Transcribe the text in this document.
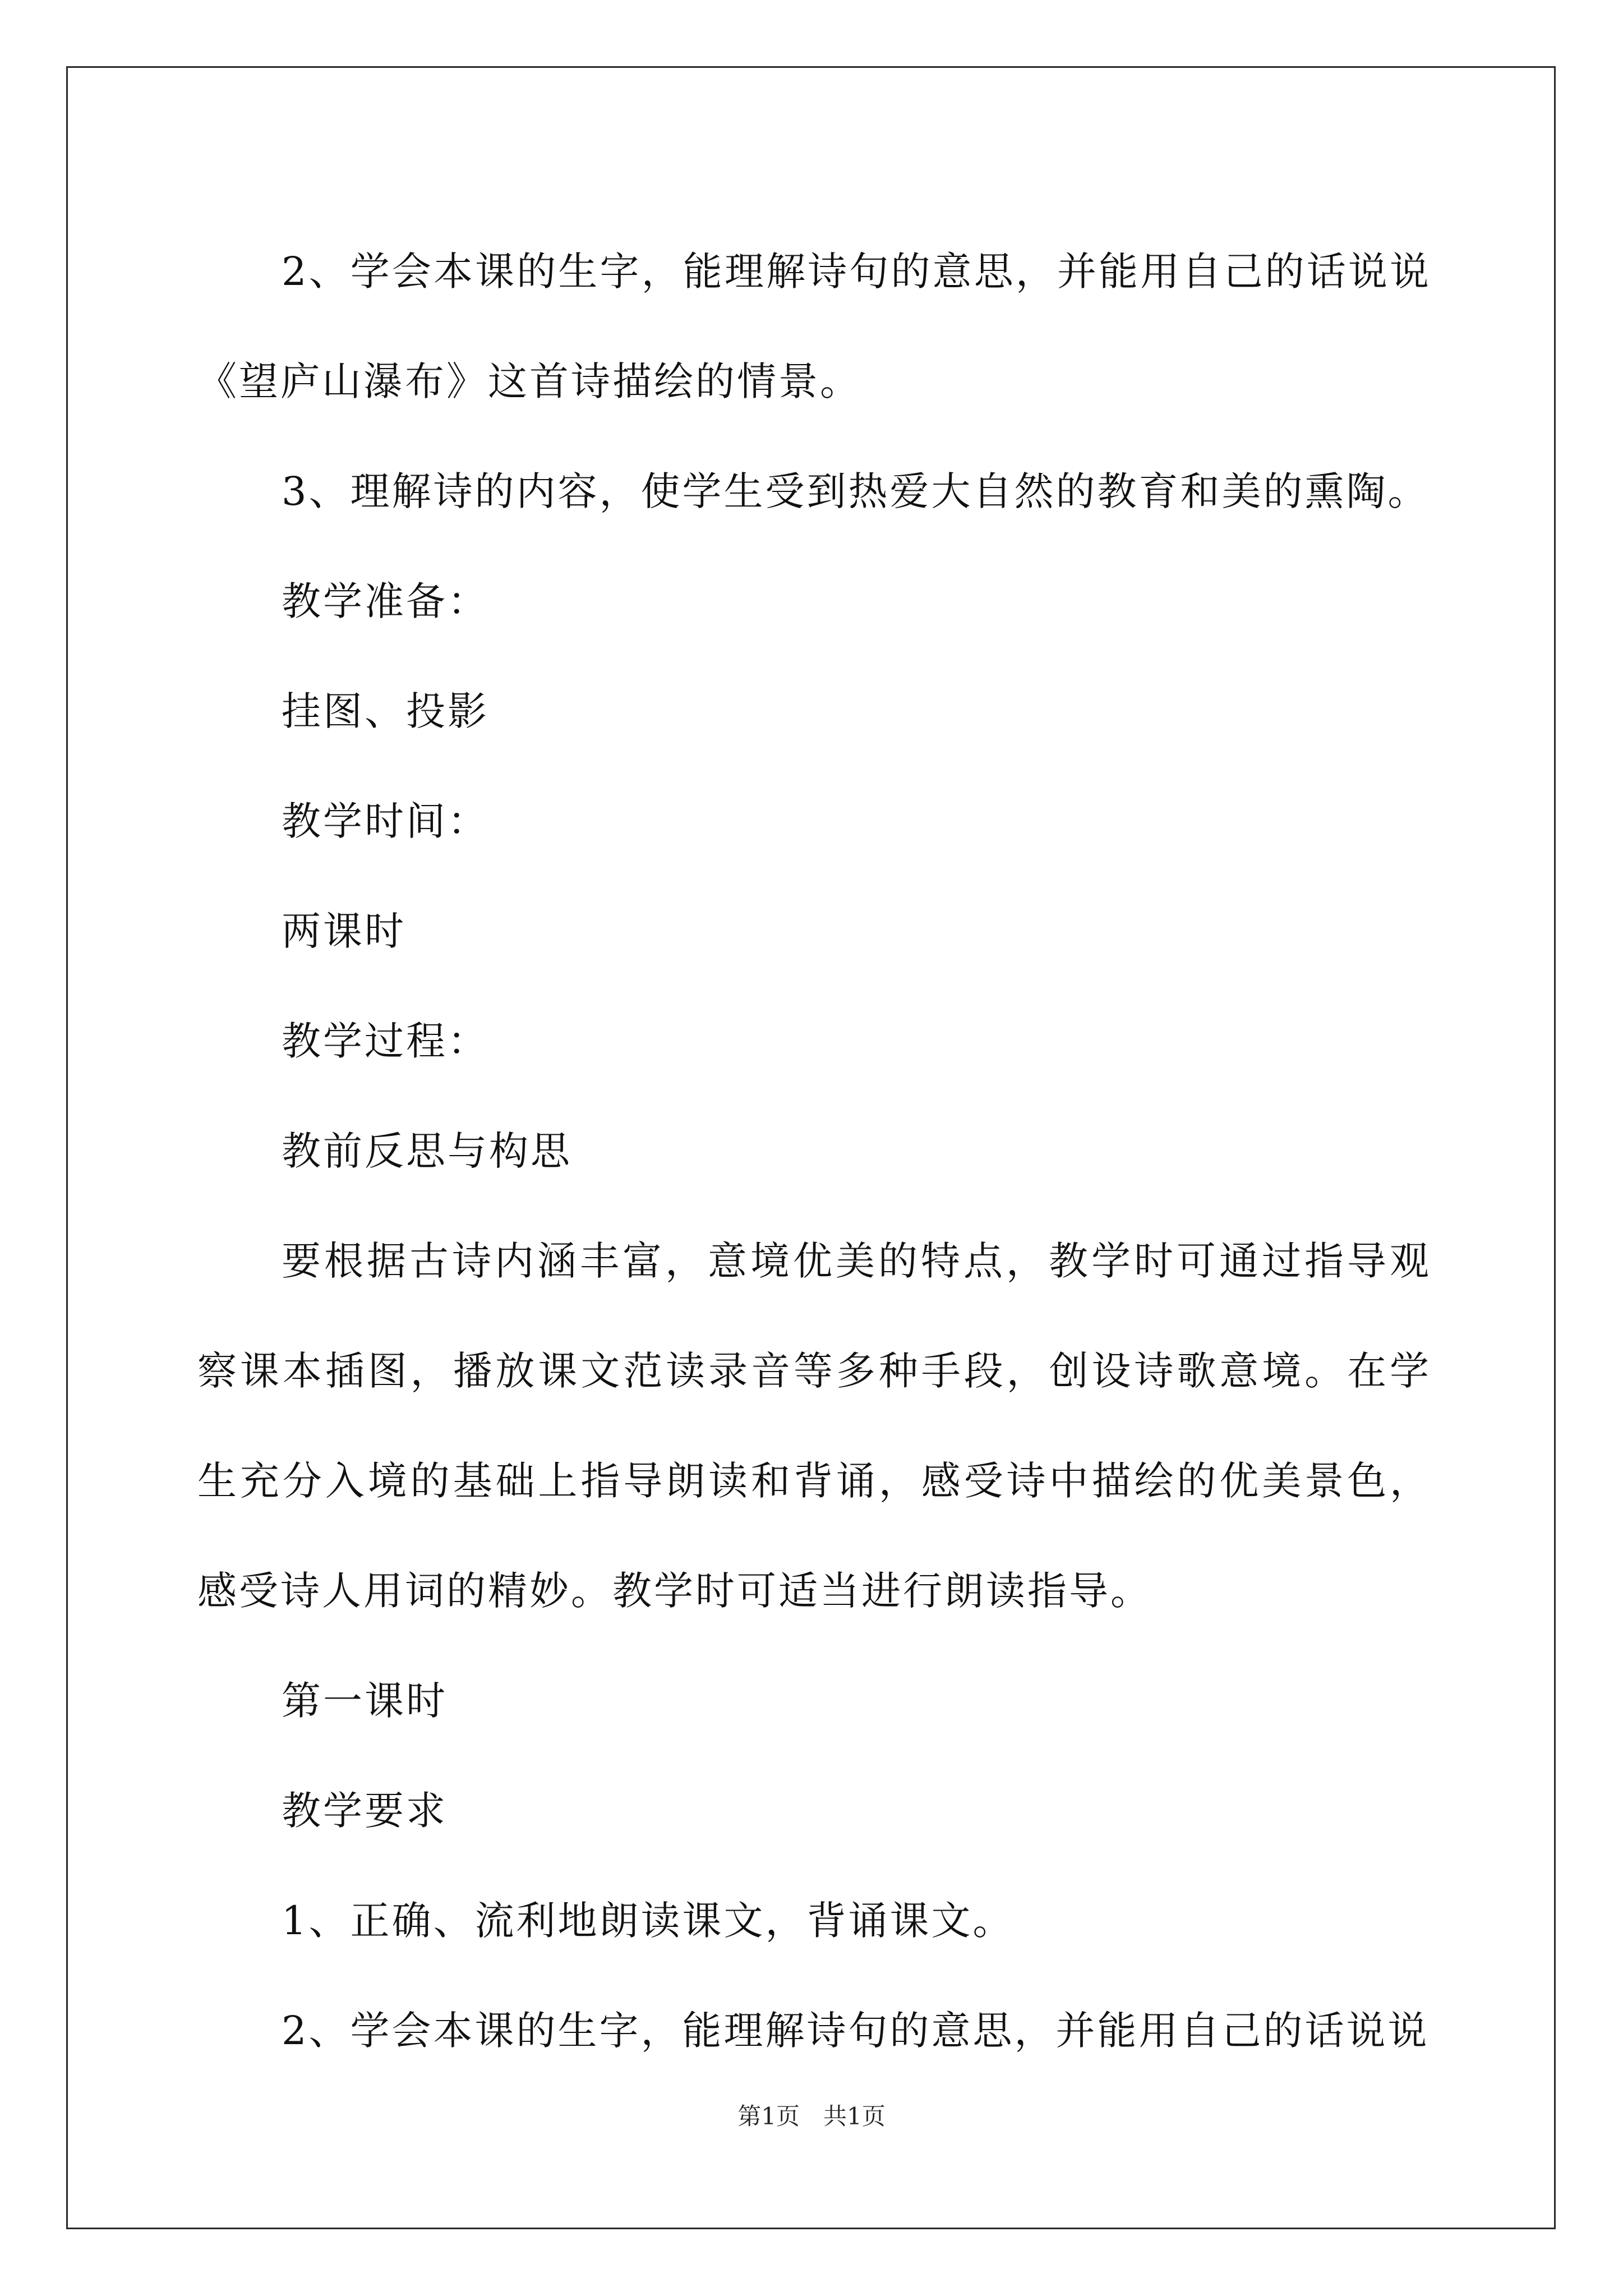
2、学会本课的生字，能理解诗句的意思，并能用自己的话说说《望庐山瀑布》这首诗描绘的情景。

3、理解诗的内容，使学生受到热爱大自然的教育和美的熏陶。

教学准备：

挂图、投影

教学时间：

两课时

教学过程：

教前反思与构思

要根据古诗内涵丰富，意境优美的特点，教学时可通过指导观察课本插图，播放课文范读录音等多种手段，创设诗歌意境。在学生充分入境的基础上指导朗读和背诵，感受诗中描绘的优美景色，感受诗人用词的精妙。教学时可适当进行朗读指导。

第一课时

教学要求

1、正确、流利地朗读课文，背诵课文。

2、学会本课的生字，能理解诗句的意思，并能用自己的话说说

第1页　共1页
